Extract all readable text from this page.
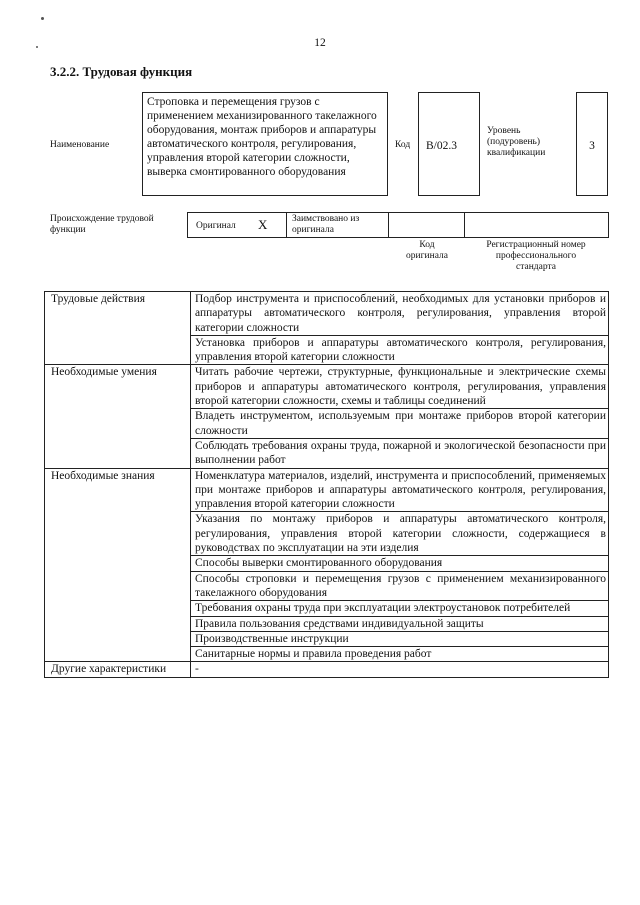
12
3.2.2. Трудовая функция
Наименование
Строповка и перемещения грузов с применением механизированного такелажного оборудования, монтаж приборов и аппаратуры автоматического контроля, регулирования, управления второй категории сложности, выверка смонтированного оборудования
Код	B/02.3
Уровень (подуровень) квалификации
3
Происхождение трудовой функции	Оригинал X	Заимствовано из оригинала
Код оригинала
Регистрационный номер профессионального стандарта
Трудовые действия	Подбор инструмента и приспособлений, необходимых для установки приборов и аппаратуры автоматического контроля, регулирования, управления второй категории сложности
	Установка приборов и аппаратуры автоматического контроля, регулирования, управления второй категории сложности
Необходимые умения	Читать рабочие чертежи, структурные, функциональные и электрические схемы приборов и аппаратуры автоматического контроля, регулирования, управления второй категории сложности, схемы и таблицы соединений
	Владеть инструментом, используемым при монтаже приборов второй категории сложности
	Соблюдать требования охраны труда, пожарной и экологической безопасности при выполнении работ
Необходимые знания	Номенклатура материалов, изделий, инструмента и приспособлений, применяемых при монтаже приборов и аппаратуры автоматического контроля, регулирования, управления второй категории сложности
	Указания по монтажу приборов и аппаратуры автоматического контроля, регулирования, управления второй категории сложности, содержащиеся в руководствах по эксплуатации на эти изделия
	Способы выверки смонтированного оборудования
	Способы строповки и перемещения грузов с применением механизированного такелажного оборудования
	Требования охраны труда при эксплуатации электроустановок потребителей
	Правила пользования средствами индивидуальной защиты
	Производственные инструкции
	Санитарные нормы и правила проведения работ
Другие характеристики	-
